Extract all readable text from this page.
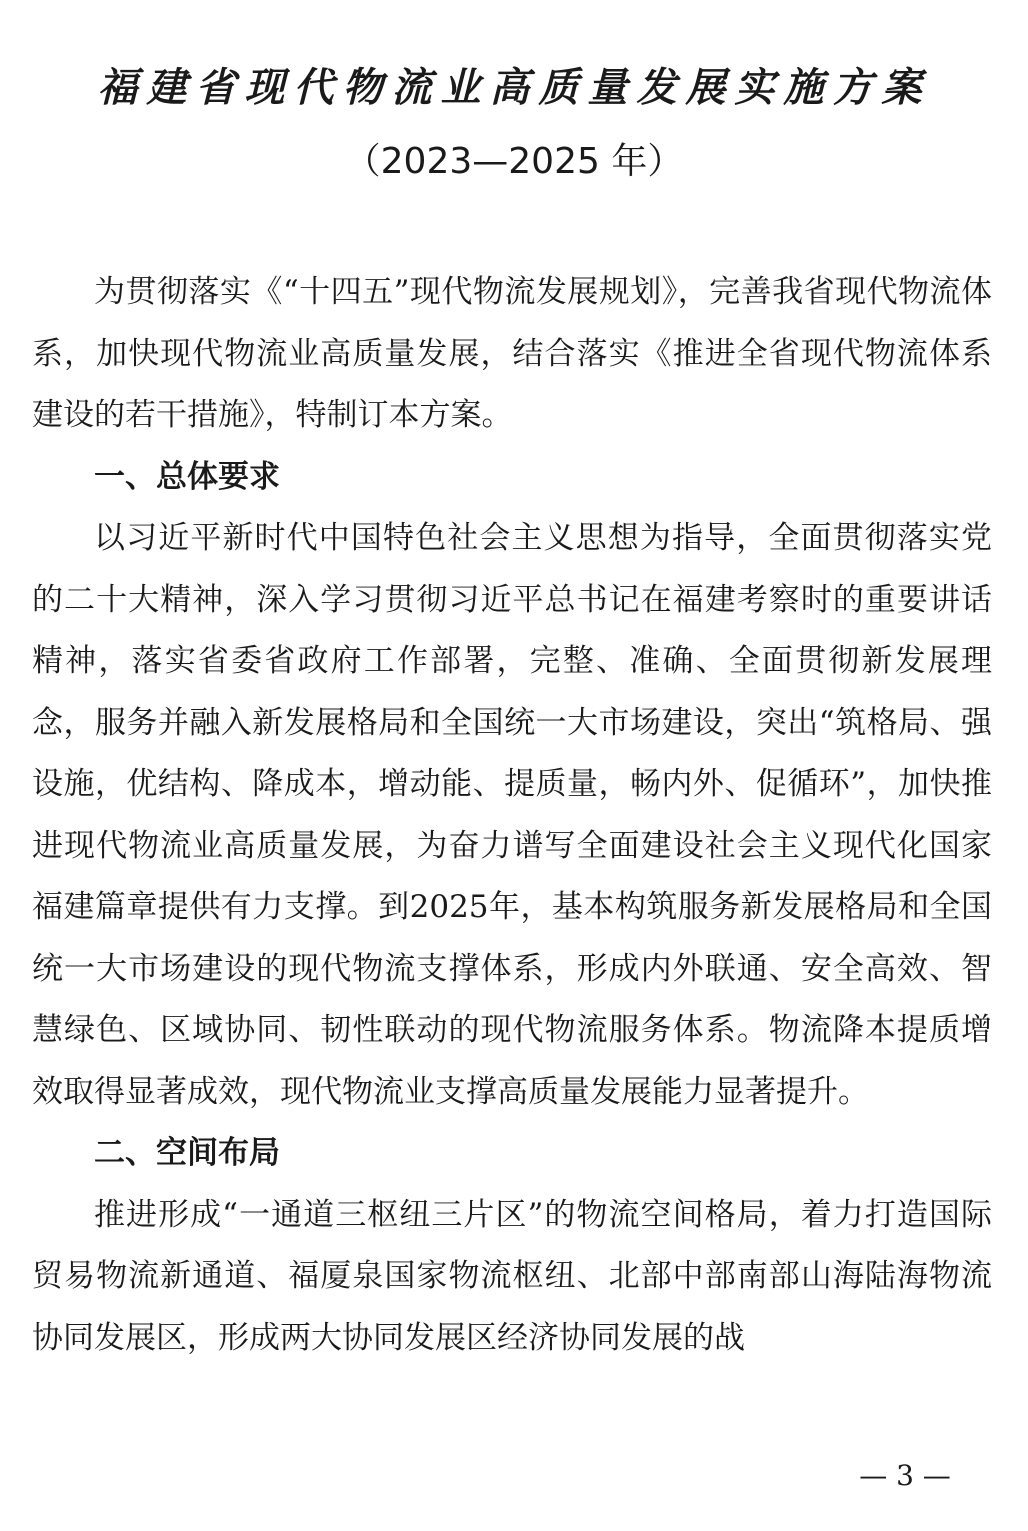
福建省现代物流业高质量发展实施方案
（2023—2025 年）

为贯彻落实《“十四五”现代物流发展规划》，完善我省现代物流体系，加快现代物流业高质量发展，结合落实《推进全省现代物流体系建设的若干措施》，特制订本方案。

一、总体要求

以习近平新时代中国特色社会主义思想为指导，全面贯彻落实党的二十大精神，深入学习贯彻习近平总书记在福建考察时的重要讲话精神，落实省委省政府工作部署，完整、准确、全面贯彻新发展理念，服务并融入新发展格局和全国统一大市场建设，突出“筑格局、强设施，优结构、降成本，增动能、提质量，畅内外、促循环”，加快推进现代物流业高质量发展，为奋力谱写全面建设社会主义现代化国家福建篇章提供有力支撑。到2025年，基本构筑服务新发展格局和全国统一大市场建设的现代物流支撑体系，形成内外联通、安全高效、智慧绿色、区域协同、韧性联动的现代物流服务体系。物流降本提质增效取得显著成效，现代物流业支撑高质量发展能力显著提升。

二、空间布局

推进形成“一通道三枢纽三片区”的物流空间格局，着力打造国际贸易物流新通道、福厦泉国家物流枢纽、北部中部南部山海陆海物流协同发展区，形成两大协同发展区经济协同发展的战

— 3 —
